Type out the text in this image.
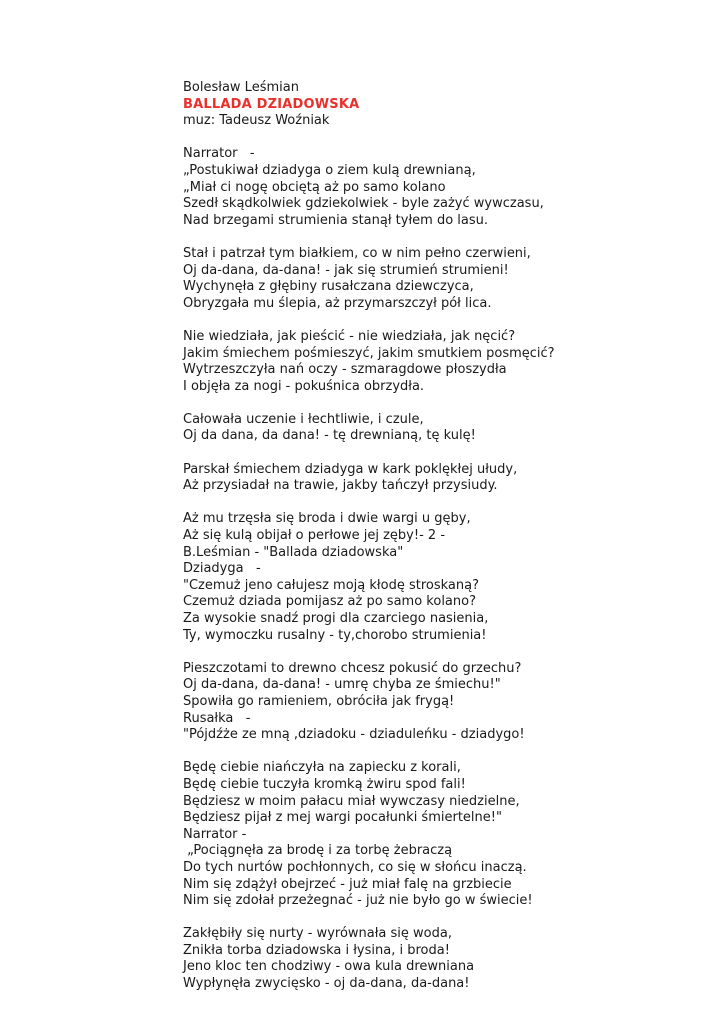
Bolesław Leśmian
BALLADA DZIADOWSKA
muz: Tadeusz Woźniak
Narrator   -
„Postukiwał dziadyga o ziem kulą drewnianą,
„Miał ci nogę obciętą aż po samo kolano
Szedł skądkolwiek gdziekolwiek - byle zażyć wywczasu,
Nad brzegami strumienia stanął tyłem do lasu.
Stał i patrzał tym białkiem, co w nim pełno czerwieni,
Oj da-dana, da-dana! - jak się strumień strumieni!
Wychynęła z głębiny rusałczana dziewczyca,
Obryzgała mu ślepia, aż przymarszczył pół lica.
Nie wiedziała, jak pieścić - nie wiedziała, jak nęcić?
Jakim śmiechem pośmieszyć, jakim smutkiem posmęcić?
Wytrzeszczyła nań oczy - szmaragdowe płoszydła
I objęła za nogi - pokuśnica obrzydła.
Całowała uczenie i łechtliwie, i czule,
Oj da dana, da dana! - tę drewnianą, tę kulę!
Parskał śmiechem dziadyga w kark poklękłej ułudy,
Aż przysiadał na trawie, jakby tańczył przysiudy.
Aż mu trzęsła się broda i dwie wargi u gęby,
Aż się kulą obijał o perłowe jej zęby!- 2 -
B.Leśmian - "Ballada dziadowska"
Dziadyga   -
"Czemuż jeno całujesz moją kłodę stroskaną?
Czemuż dziada pomijasz aż po samo kolano?
Za wysokie snadź progi dla czarciego nasienia,
Ty, wymoczku rusalny - ty,chorobo strumienia!
Pieszczotami to drewno chcesz pokusić do grzechu?
Oj da-dana, da-dana! - umrę chyba ze śmiechu!"
Spowiła go ramieniem, obróciła jak frygą!
Rusałka   -
"Pójdźże ze mną ,dziadoku - dziaduleńku - dziadygo!
Będę ciebie niańczyła na zapiecku z korali,
Będę ciebie tuczyła kromką żwiru spod fali!
Będziesz w moim pałacu miał wywczasy niedzielne,
Będziesz pijał z mej wargi pocałunki śmiertelne!"
Narrator -
„Pociągnęła za brodę i za torbę żebraczą
Do tych nurtów pochłonnych, co się w słońcu inaczą.
Nim się zdążył obejrzeć - już miał falę na grzbiecie
Nim się zdołał przeżegnać - już nie było go w świecie!
Zakłębiły się nurty - wyrównała się woda,
Znikła torba dziadowska i łysina, i broda!
Jeno kloc ten chodziwy - owa kula drewniana
Wypłynęła zwycięsko - oj da-dana, da-dana!
